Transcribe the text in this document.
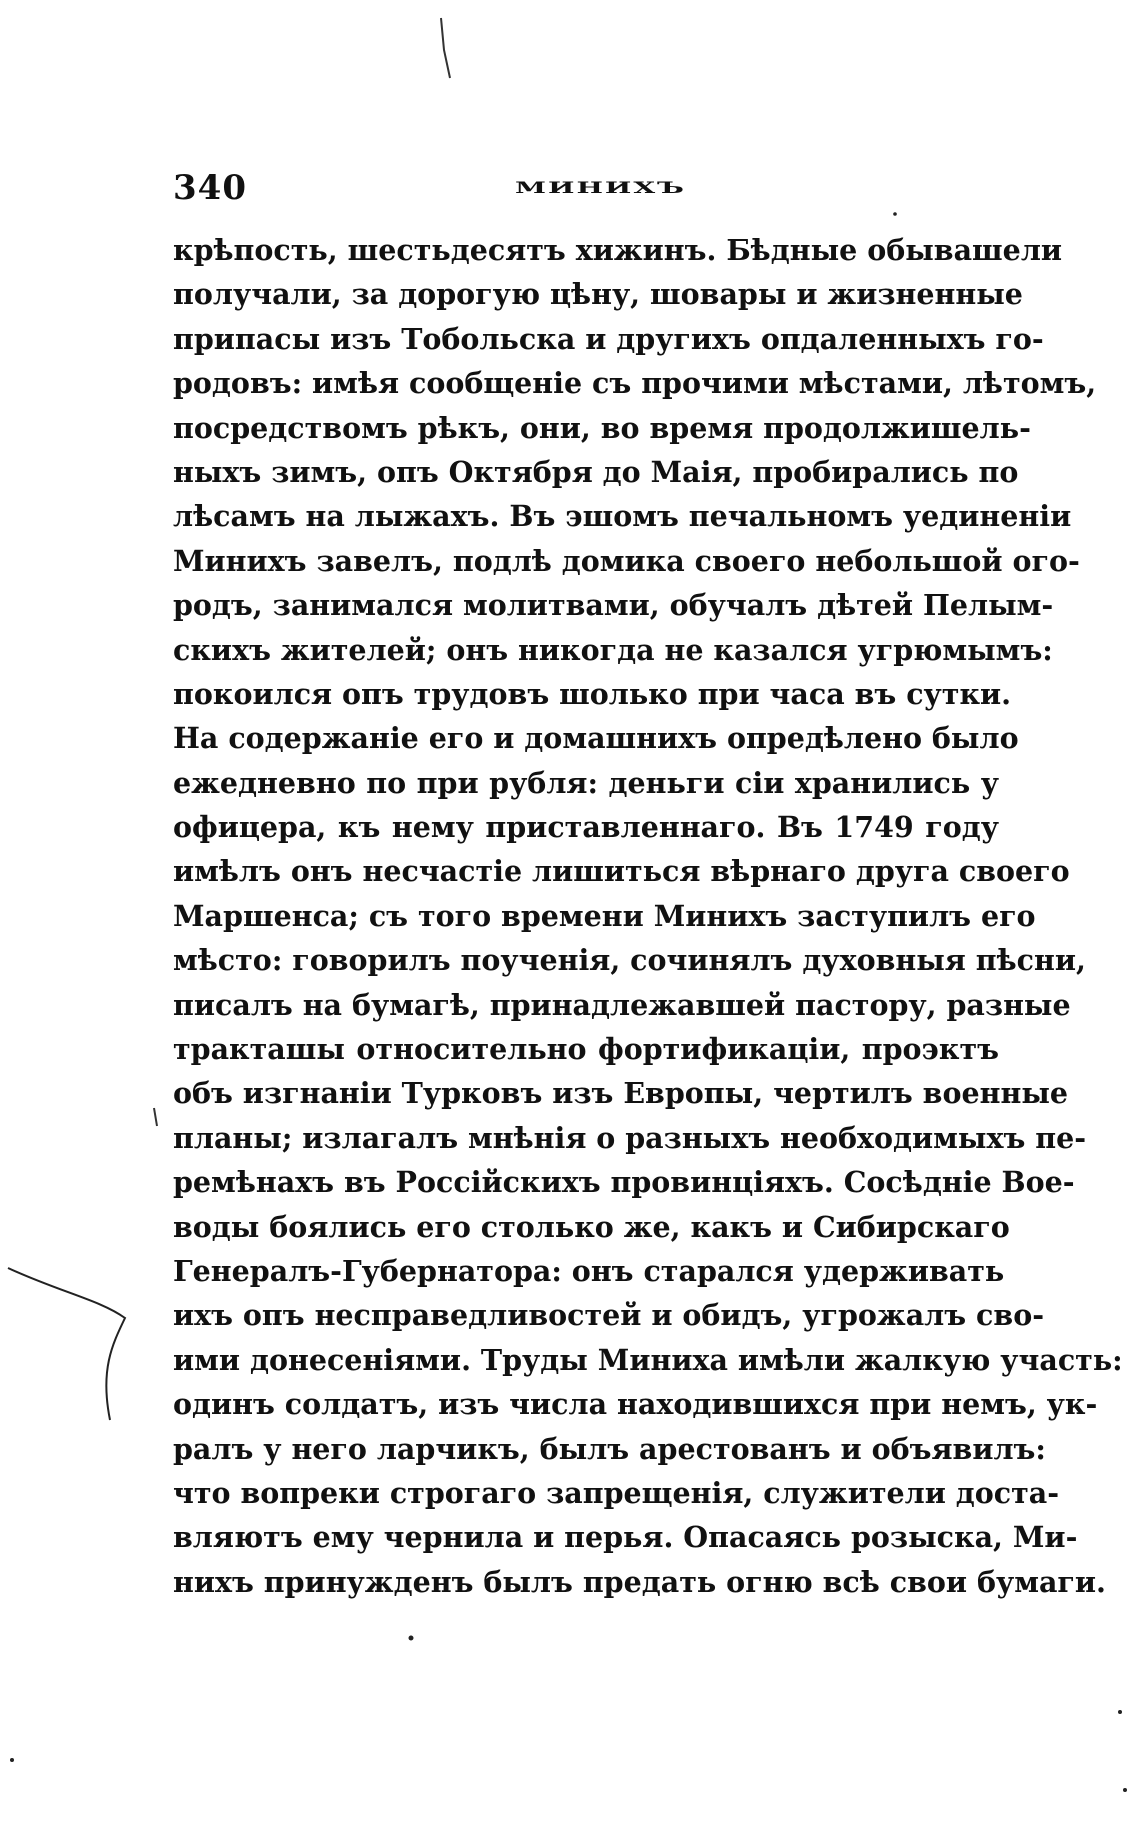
340	МИНИХЪ
крѣпость, шестьдесятъ хижинъ. Бѣдные обывашели
получали, за дорогую цѣну, шовары и жизненные
припасы изъ Тобольска и другихъ опдаленныхъ го-
родовъ: имѣя сообщеніе съ прочими мѣстами, лѣтомъ,
посредствомъ рѣкъ, они, во время продолжишель-
ныхъ зимъ, опъ Октября до Маія, пробирались по
лѣсамъ на лыжахъ. Въ эшомъ печальномъ уединеніи
Минихъ завелъ, подлѣ домика своего небольшой ого-
родъ, занимался молитвами, обучалъ дѣтей Пелым-
скихъ жителей; онъ никогда не казался угрюмымъ:
покоился опъ трудовъ шолько при часа въ сутки.
На содержаніе его и домашнихъ опредѣлено было
ежедневно по при рубля: деньги сіи хранились у
офицера, къ нему приставленнаго. Въ 1749 году
имѣлъ онъ несчастіе лишиться вѣрнаго друга своего
Маршенса; съ того времени Минихъ заступилъ его
мѣсто: говорилъ поученія, сочинялъ духовныя пѣсни,
писалъ на бумагѣ, принадлежавшей пастору, разные
тракташы относительно фортификаціи, проэктъ
объ изгнаніи Турковъ изъ Европы, чертилъ военные
планы; излагалъ мнѣнія о разныхъ необходимыхъ пе-
ремѣнахъ въ Россійскихъ провинціяхъ. Сосѣдніе Вое-
воды боялись его столько же, какъ и Сибирскаго
Генералъ-Губернатора: онъ старался удерживать
ихъ опъ несправедливостей и обидъ, угрожалъ сво-
ими донесеніями. Труды Миниха имѣли жалкую участь:
одинъ солдатъ, изъ числа находившихся при немъ, ук-
ралъ у него ларчикъ, былъ арестованъ и объявилъ:
что вопреки строгаго запрещенія, служители доста-
вляютъ ему чернила и перья. Опасаясь розыска, Ми-
нихъ принужденъ былъ предать огню всѣ свои бумаги.
